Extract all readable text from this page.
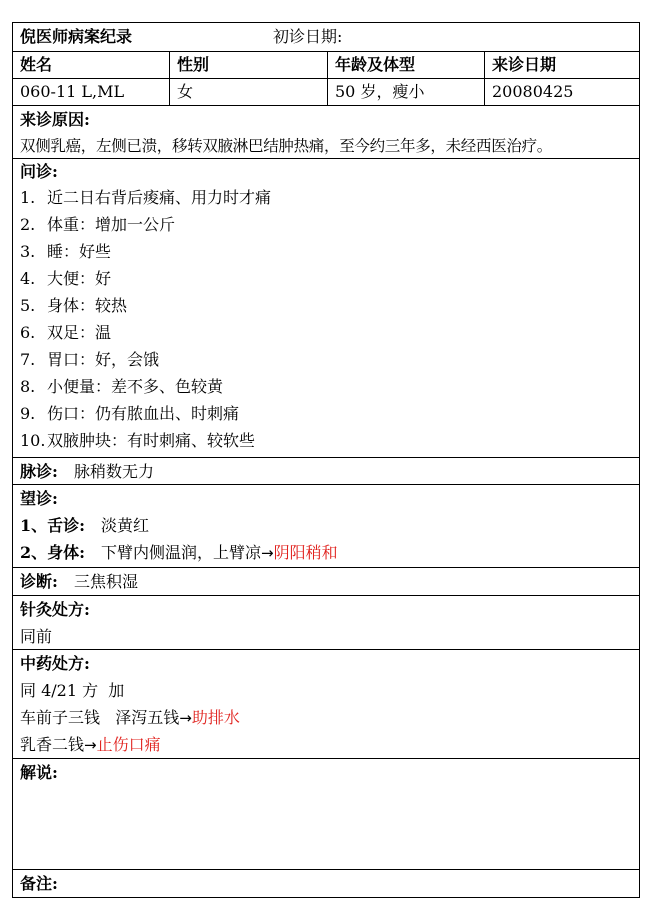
倪医师病案纪录	初诊日期:
姓名	性别	年龄及体型	来诊日期
060-11 L,ML	女	50 岁，瘦小	20080425
来诊原因:
双侧乳癌，左侧已溃，移转双腋淋巴结肿热痛，至今约三年多，未经西医治疗。
问诊:
1. 近二日右背后痠痛、用力时才痛
2. 体重：增加一公斤
3. 睡：好些
4. 大便：好
5. 身体：较热
6. 双足：温
7. 胃口：好，会饿
8. 小便量：差不多、色较黄
9. 伤口：仍有脓血出、时刺痛
10. 双腋肿块：有时刺痛、较软些
脉诊: 脉稍数无力
望诊:
1、舌诊: 淡黄红
2、身体: 下臂内侧温润，上臂凉→阴阳稍和
诊断: 三焦积湿
针灸处方:
同前
中药处方:
同 4/21 方  加
车前子三钱   泽泻五钱→助排水
乳香二钱→止伤口痛
解说:
备注:
